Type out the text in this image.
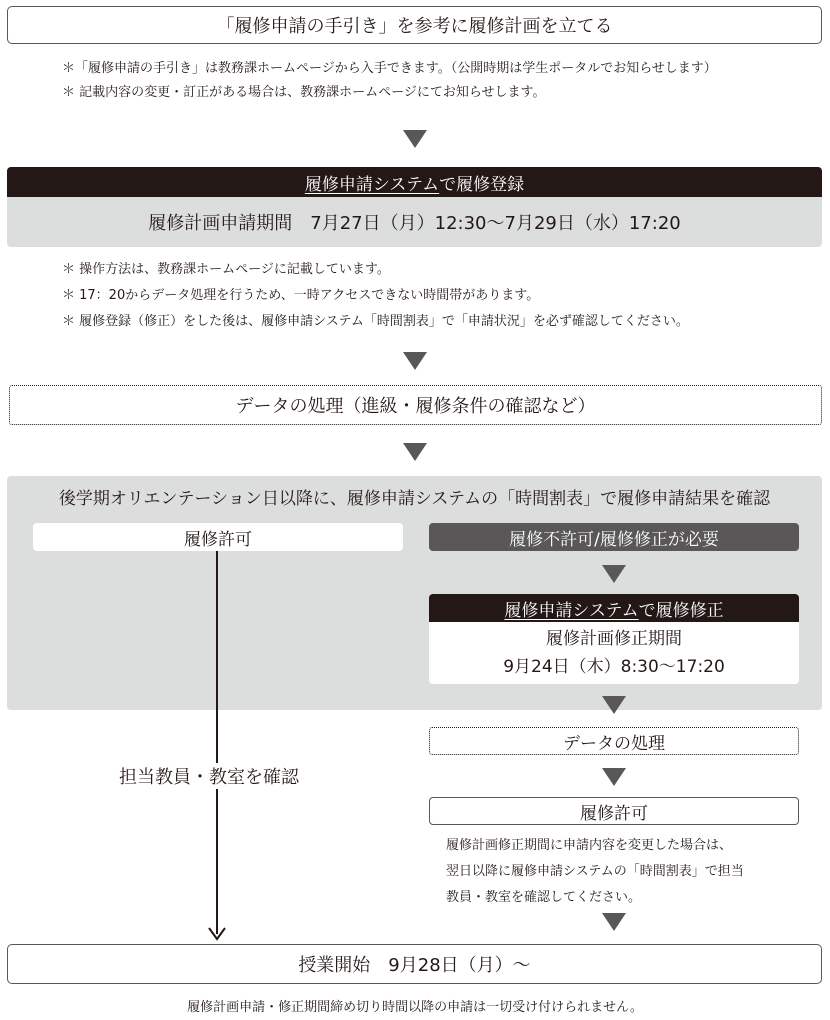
「履修申請の手引き」を参考に履修計画を立てる
＊「履修申請の手引き」は教務課ホームページから入手できます。（公開時期は学生ポータルでお知らせします）
＊ 記載内容の変更・訂正がある場合は、教務課ホームページにてお知らせします。
履修申請システム で履修登録
履修計画申請期間　7月27日（月）12:30〜7月29日（水）17:20
＊ 操作方法は、教務課ホームページに記載しています。
＊ 17：20からデータ処理を行うため、一時アクセスできない時間帯があります。
＊ 履修登録（修正）をした後は、履修申請システム「時間割表」で「申請状況」を必ず確認してください。
データの処理（進級・履修条件の確認など）
後学期オリエンテーション日以降に、履修申請システムの「時間割表」で履修申請結果を確認
履修許可	履修不許可/履修修正が必要
履修申請システム で履修修正
履修計画修正期間
9月24日（木）8:30〜17:20
担当教員・教室を確認
データの処理
履修許可
履修計画修正期間に申請内容を変更した場合は、
翌日以降に履修申請システムの「時間割表」で担当
教員・教室を確認してください。
授業開始　9月28日（月）〜
履修計画申請・修正期間締め切り時間以降の申請は一切受け付けられません。
